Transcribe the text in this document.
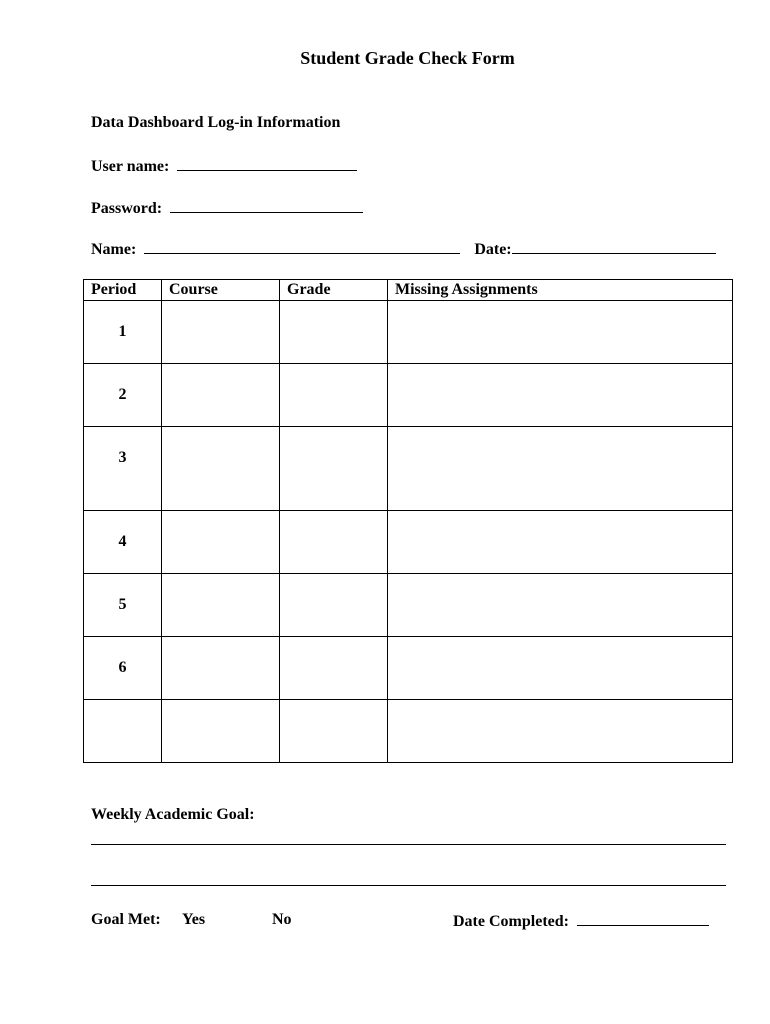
Student Grade Check Form
Data Dashboard Log-in Information
User name:
Password:
Name:	Date:
Period	Course	Grade	Missing Assignments
1			
2			
3			
4			
5			
6			

Weekly Academic Goal:
Goal Met: Yes	No	Date Completed:
